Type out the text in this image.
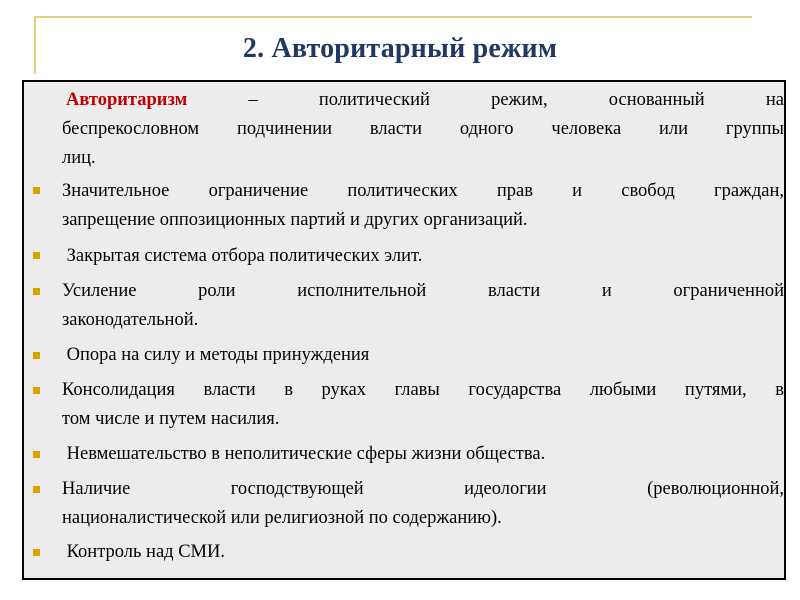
2. Авторитарный режим
Авторитаризм – политический режим, основанный на
беспрекословном подчинении власти одного человека или группы
лиц.
Значительное ограничение политических прав и свобод граждан,
запрещение оппозиционных партий и других организаций.
Закрытая система отбора политических элит.
Усиление роли исполнительной власти и ограниченной
законодательной.
Опора на силу и методы принуждения
Консолидация власти в руках главы государства любыми путями, в
том числе и путем насилия.
Невмешательство в неполитические сферы жизни общества.
Наличие господствующей идеологии (революционной,
националистической или религиозной по содержанию).
Контроль над СМИ.
